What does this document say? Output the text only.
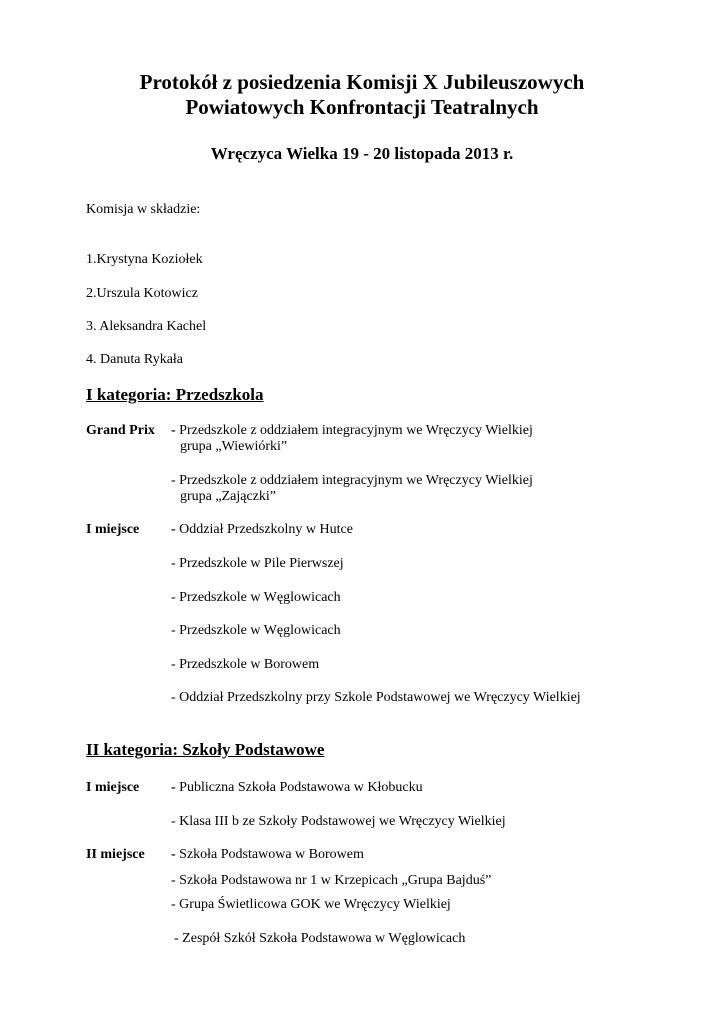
Protokół z posiedzenia Komisji X Jubileuszowych
Powiatowych Konfrontacji Teatralnych
Wręczyca Wielka 19 - 20 listopada 2013 r.
Komisja w składzie:
1.Krystyna Koziołek
2.Urszula Kotowicz
3. Aleksandra Kachel
4. Danuta Rykała
I kategoria: Przedszkola
Grand Prix - Przedszkole z oddziałem integracyjnym we Wręczycy Wielkiej
grupa „Wiewiórki”
- Przedszkole z oddziałem integracyjnym we Wręczycy Wielkiej
grupa „Zajączki”
I miejsce - Oddział Przedszkolny w Hutce
- Przedszkole w Pile Pierwszej
- Przedszkole w Węglowicach
- Przedszkole w Węglowicach
- Przedszkole w Borowem
- Oddział Przedszkolny przy Szkole Podstawowej we Wręczycy Wielkiej
II kategoria: Szkoły Podstawowe
I miejsce - Publiczna Szkoła Podstawowa w Kłobucku
- Klasa III b ze Szkoły Podstawowej we Wręczycy Wielkiej
II miejsce - Szkoła Podstawowa w Borowem
- Szkoła Podstawowa nr 1 w Krzepicach „Grupa Bajduś”
- Grupa Świetlicowa GOK we Wręczycy Wielkiej
- Zespół Szkół Szkoła Podstawowa w Węglowicach
